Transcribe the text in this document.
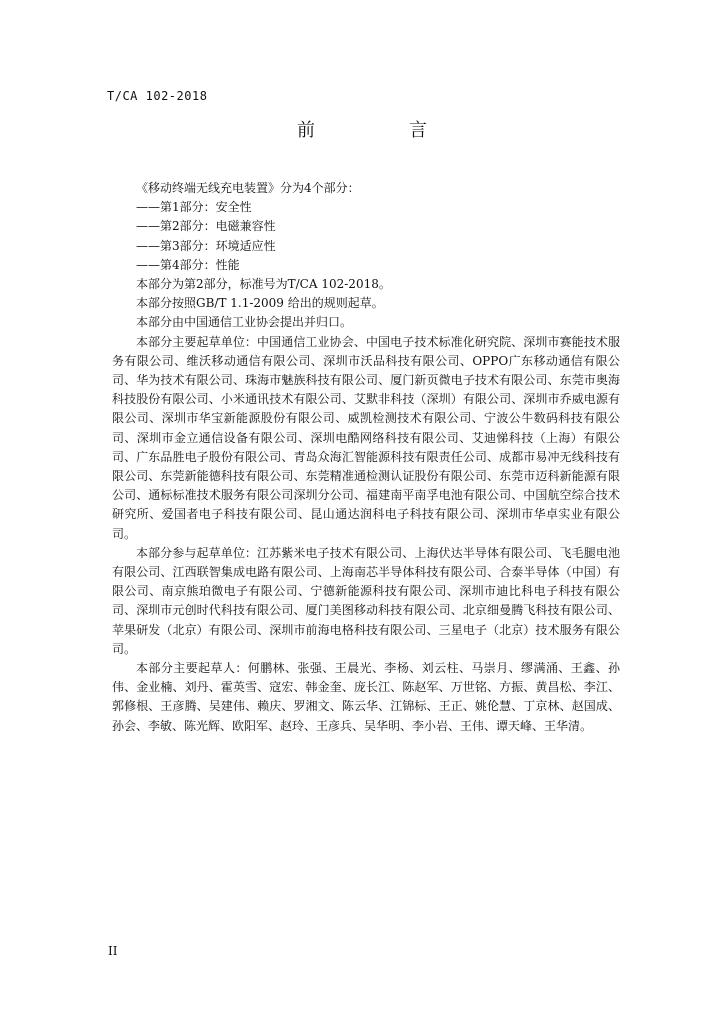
T/CA 102-2018
前　言
《移动终端无线充电装置》分为4个部分：
——第1部分：安全性
——第2部分：电磁兼容性
——第3部分：环境适应性
——第4部分：性能
本部分为第2部分，标准号为T/CA 102-2018。
本部分按照GB/T 1.1-2009 给出的规则起草。
本部分由中国通信工业协会提出并归口。
本部分主要起草单位：中国通信工业协会、中国电子技术标准化研究院、深圳市赛能技术服务有限公司、维沃移动通信有限公司、深圳市沃品科技有限公司、OPPO广东移动通信有限公司、华为技术有限公司、珠海市魅族科技有限公司、厦门新页微电子技术有限公司、东莞市奥海科技股份有限公司、小米通讯技术有限公司、艾默非科技（深圳）有限公司、深圳市乔威电源有限公司、深圳市华宝新能源股份有限公司、威凯检测技术有限公司、宁波公牛数码科技有限公司、深圳市金立通信设备有限公司、深圳电酷网络科技有限公司、艾迪悌科技（上海）有限公司、广东品胜电子股份有限公司、青岛众海汇智能源科技有限责任公司、成都市易冲无线科技有限公司、东莞新能德科技有限公司、东莞精准通检测认证股份有限公司、东莞市迈科新能源有限公司、通标标准技术服务有限公司深圳分公司、福建南平南孚电池有限公司、中国航空综合技术研究所、爱国者电子科技有限公司、昆山通达润科电子科技有限公司、深圳市华卓实业有限公司。
本部分参与起草单位：江苏紫米电子技术有限公司、上海伏达半导体有限公司、飞毛腿电池有限公司、江西联智集成电路有限公司、上海南芯半导体科技有限公司、合泰半导体（中国）有限公司、南京熊珀微电子有限公司、宁德新能源科技有限公司、深圳市迪比科电子科技有限公司、深圳市元创时代科技有限公司、厦门美图移动科技有限公司、北京细曼腾飞科技有限公司、苹果研发（北京）有限公司、深圳市前海电格科技有限公司、三星电子（北京）技术服务有限公司。
本部分主要起草人：何鹏林、张强、王晨光、李杨、刘云柱、马崇月、缪满涌、王鑫、孙伟、金业楠、刘丹、霍英雪、寇宏、韩金奎、庞长江、陈赵军、万世铭、方振、黄昌松、李江、郭修根、王彦腾、吴建伟、赖庆、罗湘文、陈云华、江锦标、王正、姚伦慧、丁京林、赵国成、孙会、李敏、陈光辉、欧阳军、赵玲、王彦兵、吴华明、李小岩、王伟、谭天峰、王华清。
II
